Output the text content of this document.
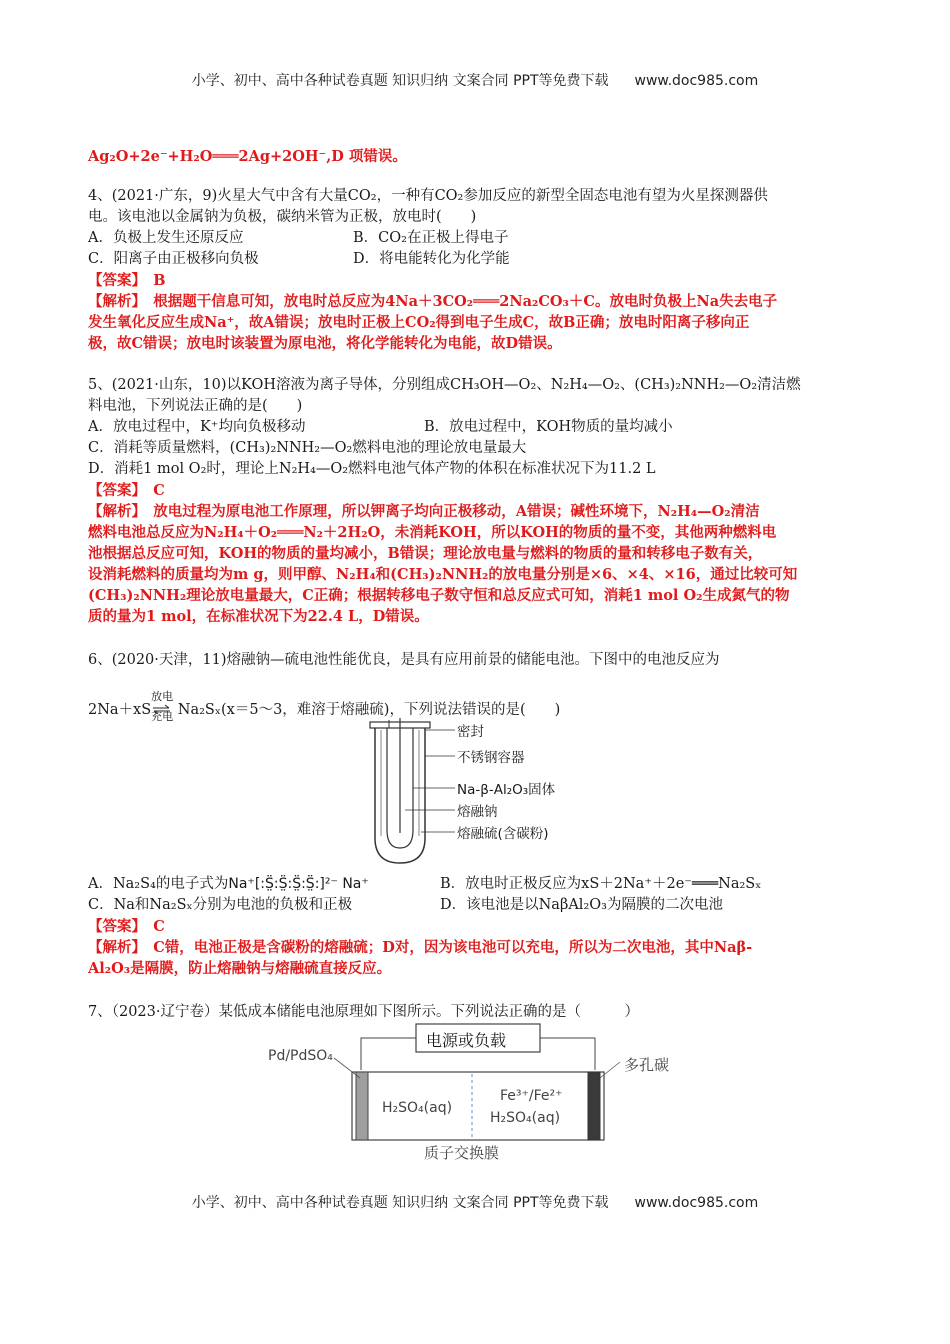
小学、初中、高中各种试卷真题 知识归纳 文案合同 PPT等免费下载 www.doc985.com
小学、初中、高中各种试卷真题 知识归纳 文案合同 PPT等免费下载 www.doc985.com
Ag₂O+2e⁻+H₂O═══2Ag+2OH⁻,D 项错误。
4、(2021·广东，9)火星大气中含有大量CO₂，一种有CO₂参加反应的新型全固态电池有望为火星探测器供
电。该电池以金属钠为负极，碳纳米管为正极，放电时(　　)
A．负极上发生还原反应	B．CO₂在正极上得电子
C．阳离子由正极移向负极	D．将电能转化为化学能
【答案】　B
【解析】　根据题干信息可知，放电时总反应为4Na＋3CO₂═══2Na₂CO₃＋C。放电时负极上Na失去电子
发生氧化反应生成Na⁺，故A错误；放电时正极上CO₂得到电子生成C，故B正确；放电时阳离子移向正
极，故C错误；放电时该装置为原电池，将化学能转化为电能，故D错误。
5、(2021·山东，10)以KOH溶液为离子导体，分别组成CH₃OH—O₂、N₂H₄—O₂、(CH₃)₂NNH₂—O₂清洁燃
料电池，下列说法正确的是(　　)
A．放电过程中，K⁺均向负极移动	B．放电过程中，KOH物质的量均减小
C．消耗等质量燃料，(CH₃)₂NNH₂—O₂燃料电池的理论放电量最大
D．消耗1 mol O₂时，理论上N₂H₄—O₂燃料电池气体产物的体积在标准状况下为11.2 L
【答案】　C
【解析】　放电过程为原电池工作原理，所以钾离子均向正极移动，A错误；碱性环境下，N₂H₄—O₂清洁
燃料电池总反应为N₂H₄＋O₂═══N₂＋2H₂O，未消耗KOH，所以KOH的物质的量不变，其他两种燃料电
池根据总反应可知，KOH的物质的量均减小，B错误；理论放电量与燃料的物质的量和转移电子数有关，
设消耗燃料的质量均为m g，则甲醇、N₂H₄和(CH₃)₂NNH₂的放电量分别是×6、×4、×16，通过比较可知
(CH₃)₂NNH₂理论放电量最大，C正确；根据转移电子数守恒和总反应式可知，消耗1 mol O₂生成氮气的物
质的量为1 mol，在标准状况下为22.4 L，D错误。
6、(2020·天津，11)熔融钠—硫电池性能优良，是具有应用前景的储能电池。下图中的电池反应为
2Na＋xS
放电
充电 Na₂Sₓ(x＝5～3，难溶于熔融硫)，下列说法错误的是(　　)
密封
不锈钢容器
Na-β-Al₂O₃固体
熔融钠
熔融硫(含碳粉)
A．Na₂S₄的电子式为Na⁺[:S̤̈:S̤̈:S̤̈:S̤̈:]²⁻ Na⁺	B．放电时正极反应为xS＋2Na⁺＋2e⁻═══Na₂Sₓ
C．Na和Na₂Sₓ分别为电池的负极和正极	D．该电池是以NaβAl₂O₃为隔膜的二次电池
【答案】　C
【解析】　C错，电池正极是含碳粉的熔融硫；D对，因为该电池可以充电，所以为二次电池，其中Naβ-
Al₂O₃是隔膜，防止熔融钠与熔融硫直接反应。
7、（2023·辽宁卷）某低成本储能电池原理如下图所示。下列说法正确的是（　　　）
电源或负载
Pd/PdSO₄	多孔碳
H₂SO₄(aq)
Fe³⁺/Fe²⁺
H₂SO₄(aq)
质子交换膜
